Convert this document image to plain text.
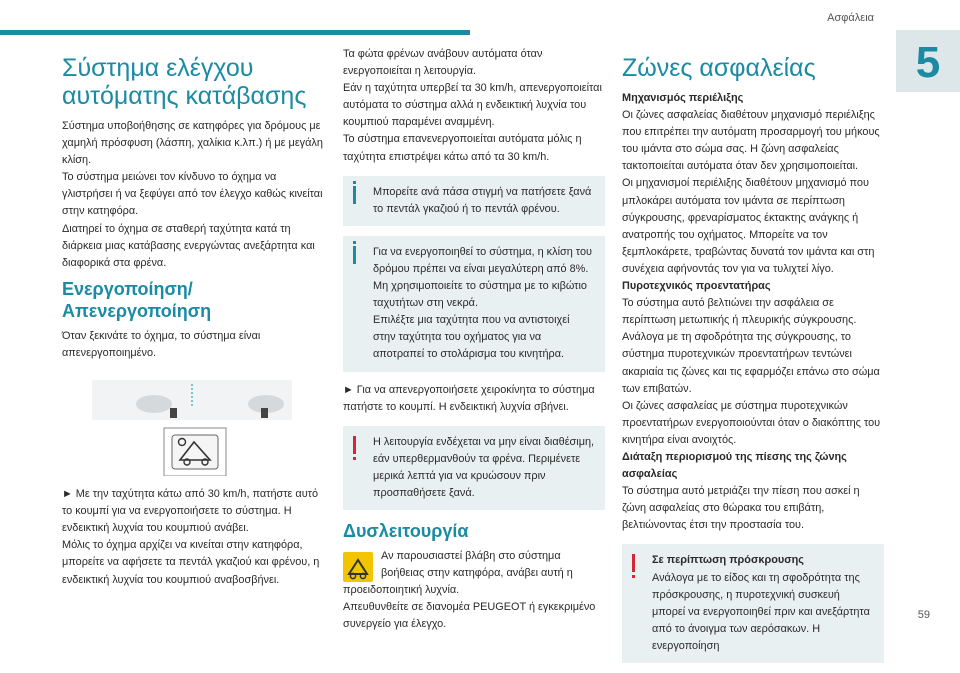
Ασφάλεια
5
Σύστημα ελέγχου αυτόματης κατάβασης

Σύστημα υποβοήθησης σε κατηφόρες για δρόμους με χαμηλή πρόσφυση (λάσπη, χαλίκια κ.λπ.) ή με μεγάλη κλίση.

Το σύστημα μειώνει τον κίνδυνο το όχημα να γλιστρήσει ή να ξεφύγει από τον έλεγχο καθώς κινείται στην κατηφόρα.

Διατηρεί το όχημα σε σταθερή ταχύτητα κατά τη διάρκεια μιας κατάβασης ενεργώντας ανεξάρτητα και διαφορικά στα φρένα.

Ενεργοποίηση/ Απενεργοποίηση

Όταν ξεκινάτε το όχημα, το σύστημα είναι απενεργοποιημένο.

► Με την ταχύτητα κάτω από 30 km/h, πατήστε αυτό το κουμπί για να ενεργοποιήσετε το σύστημα. Η ενδεικτική λυχνία του κουμπιού ανάβει.

Μόλις το όχημα αρχίζει να κινείται στην κατηφόρα, μπορείτε να αφήσετε τα πεντάλ γκαζιού και φρένου, η ενδεικτική λυχνία του κουμπιού αναβοσβήνει.

Τα φώτα φρένων ανάβουν αυτόματα όταν ενεργοποιείται η λειτουργία.

Εάν η ταχύτητα υπερβεί τα 30 km/h, απενεργοποιείται αυτόματα το σύστημα αλλά η ενδεικτική λυχνία του κουμπιού παραμένει αναμμένη.

Το σύστημα επανενεργοποιείται αυτόματα μόλις η ταχύτητα επιστρέψει κάτω από τα 30 km/h.

Μπορείτε ανά πάσα στιγμή να πατήσετε ξανά το πεντάλ γκαζιού ή το πεντάλ φρένου.

Για να ενεργοποιηθεί το σύστημα, η κλίση του δρόμου πρέπει να είναι μεγαλύτερη από 8%.

Μη χρησιμοποιείτε το σύστημα με το κιβώτιο ταχυτήτων στη νεκρά.

Επιλέξτε μια ταχύτητα που να αντιστοιχεί στην ταχύτητα του οχήματος για να αποτραπεί το στολάρισμα του κινητήρα.

► Για να απενεργοποιήσετε χειροκίνητα το σύστημα πατήστε το κουμπί. Η ενδεικτική λυχνία σβήνει.

Η λειτουργία ενδέχεται να μην είναι διαθέσιμη, εάν υπερθερμανθούν τα φρένα. Περιμένετε μερικά λεπτά για να κρυώσουν πριν προσπαθήσετε ξανά.

Δυσλειτουργία

Αν παρουσιαστεί βλάβη στο σύστημα βοήθειας στην κατηφόρα, ανάβει αυτή η προειδοποιητική λυχνία.

Απευθυνθείτε σε διανομέα PEUGEOT ή εγκεκριμένο συνεργείο για έλεγχο.

Ζώνες ασφαλείας
Μηχανισμός περιέλιξης

Οι ζώνες ασφαλείας διαθέτουν μηχανισμό περιέλιξης που επιτρέπει την αυτόματη προσαρμογή του μήκους του ιμάντα στο σώμα σας. Η ζώνη ασφαλείας τακτοποιείται αυτόματα όταν δεν χρησιμοποιείται.

Οι μηχανισμοί περιέλιξης διαθέτουν μηχανισμό που μπλοκάρει αυτόματα τον ιμάντα σε περίπτωση σύγκρουσης, φρεναρίσματος έκτακτης ανάγκης ή ανατροπής του οχήματος. Μπορείτε να τον ξεμπλοκάρετε, τραβώντας δυνατά τον ιμάντα και στη συνέχεια αφήνοντάς τον για να τυλιχτεί λίγο.

Πυροτεχνικός προεντατήρας

Το σύστημα αυτό βελτιώνει την ασφάλεια σε περίπτωση μετωπικής ή πλευρικής σύγκρουσης. Ανάλογα με τη σφοδρότητα της σύγκρουσης, το σύστημα πυροτεχνικών προεντατήρων τεντώνει ακαριαία τις ζώνες και τις εφαρμόζει επάνω στο σώμα των επιβατών.

Οι ζώνες ασφαλείας με σύστημα πυροτεχνικών προεντατήρων ενεργοποιούνται όταν ο διακόπτης του κινητήρα είναι ανοιχτός.

Διάταξη περιορισμού της πίεσης της ζώνης ασφαλείας

Το σύστημα αυτό μετριάζει την πίεση που ασκεί η ζώνη ασφαλείας στο θώρακα του επιβάτη, βελτιώνοντας έτσι την προστασία του.

Σε περίπτωση πρόσκρουσης

Ανάλογα με το είδος και τη σφοδρότητα της πρόσκρουσης, η πυροτεχνική συσκευή μπορεί να ενεργοποιηθεί πριν και ανεξάρτητα από το άνοιγμα των αερόσακων. Η ενεργοποίηση

59
